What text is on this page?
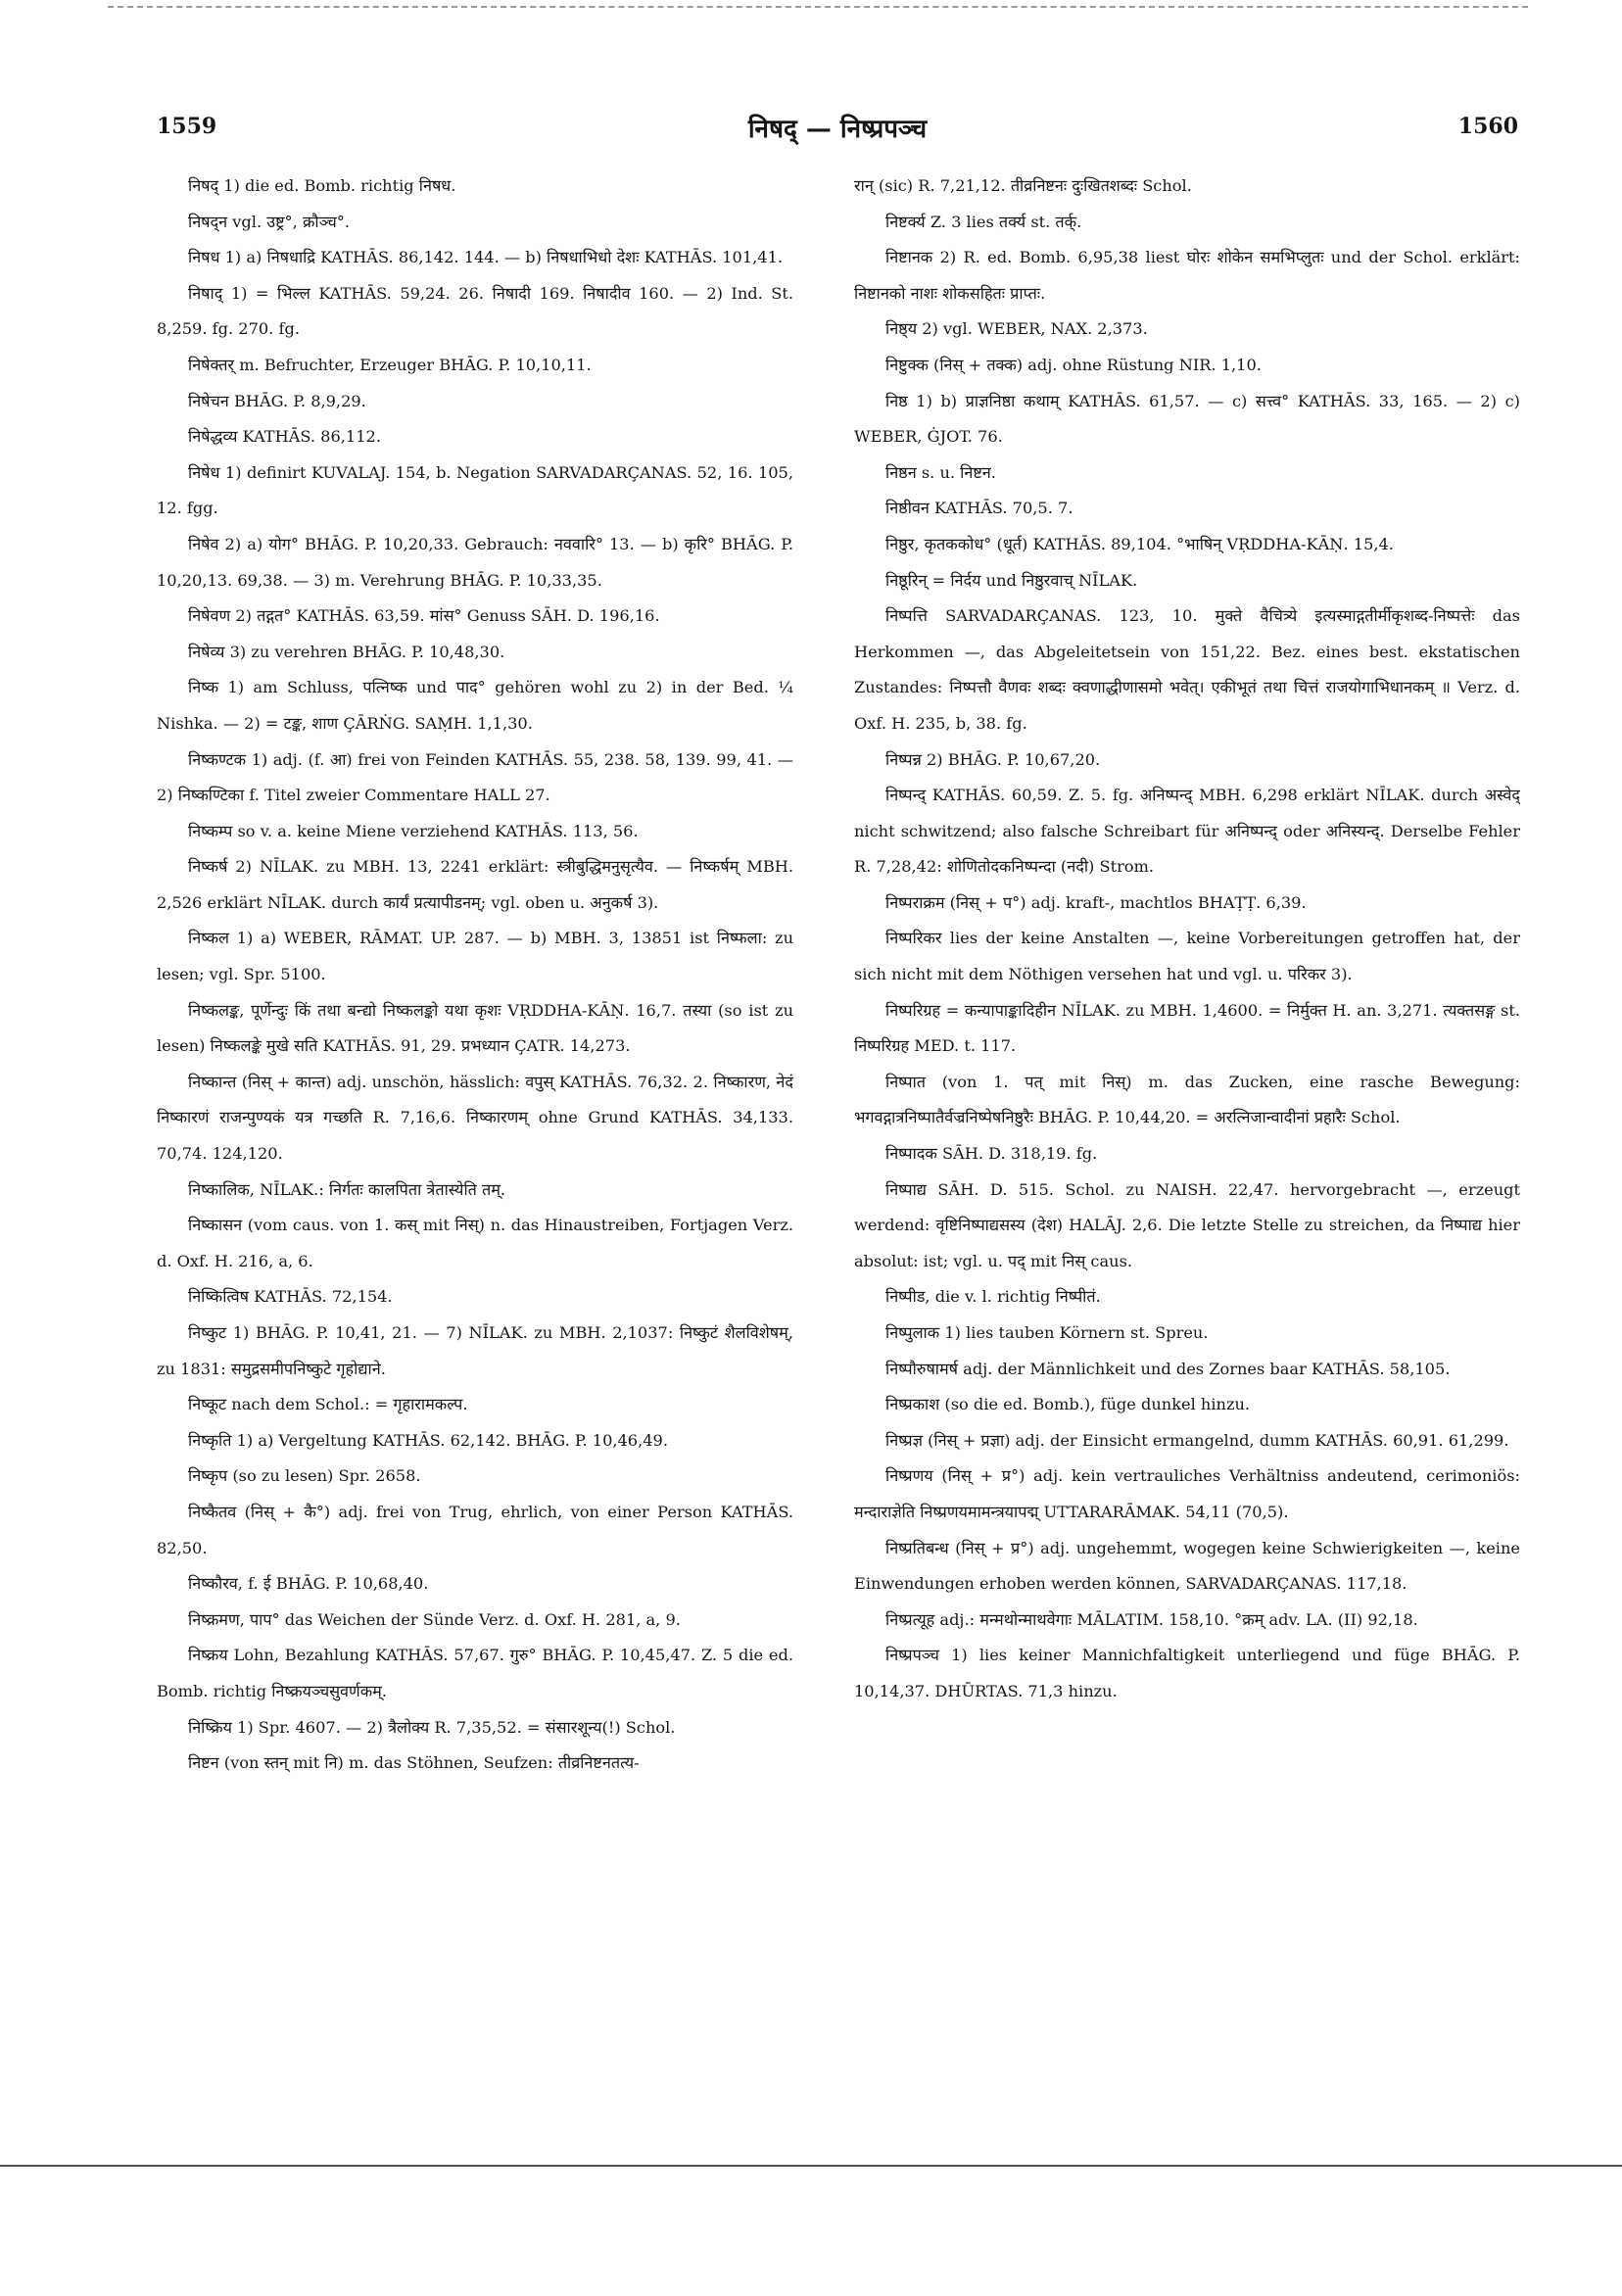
1559	निषद् — निष्प्रपञ्च	1560

निषद् 1) die ed. Bomb. richtig निषध.

निषद्न vgl. उष्ट्र°, क्रौञ्च°.

निषध 1) a) निषधाद्रि KATHĀS. 86,142. 144. — b) निषधाभिधो देशः KATHĀS. 101,41.

निषाद् 1) = भिल्ल KATHĀS. 59,24. 26. निषादी 169. निषादीव 160. — 2) Ind. St. 8,259. fg. 270. fg.

निषेक्तर् m. Befruchter, Erzeuger BHĀG. P. 10,10,11.

निषेचन BHĀG. P. 8,9,29.

निषेद्धव्य KATHĀS. 86,112.

निषेध 1) definirt KUVALAJ. 154, b. Negation SARVADARÇANAS. 52, 16. 105, 12. fgg.

निषेव 2) a) योग° BHĀG. P. 10,20,33. Gebrauch: नववारि° 13. — b) कृरि° BHĀG. P. 10,20,13. 69,38. — 3) m. Verehrung BHĀG. P. 10,33,35.

निषेवण 2) तद्गत° KATHĀS. 63,59. मांस° Genuss SĀH. D. 196,16.

निषेव्य 3) zu verehren BHĀG. P. 10,48,30.

निष्क 1) am Schluss, पत्निष्क und पाद° gehören wohl zu 2) in der Bed. ¼ Nishka. — 2) = टङ्क, शाण ÇĀRṄG. SAṂH. 1,1,30.

निष्कण्टक 1) adj. (f. आ) frei von Feinden KATHĀS. 55, 238. 58, 139. 99, 41. — 2) निष्कण्टिका f. Titel zweier Commentare HALL 27.

निष्कम्प so v. a. keine Miene verziehend KATHĀS. 113, 56.

निष्कर्ष 2) NĪLAK. zu MBH. 13, 2241 erklärt: स्त्रीबुद्धिमनुसृत्यैव. — निष्कर्षम् MBH. 2,526 erklärt NĪLAK. durch कार्यं प्रत्यापीडनम्; vgl. oben u. अनुकर्ष 3).

निष्कल 1) a) WEBER, RĀMAT. UP. 287. — b) MBH. 3, 13851 ist निष्फला: zu lesen; vgl. Spr. 5100.

निष्कलङ्क, पूर्णेन्दुः किं तथा बन्द्यो निष्कलङ्को यथा कृशः VṚDDHA-KĀṆ. 16,7. तस्या (so ist zu lesen) निष्कलङ्के मुखे सति KATHĀS. 91, 29. प्रभध्यान ÇATR. 14,273.

निष्कान्त (निस् + कान्त) adj. unschön, hässlich: वपुस् KATHĀS. 76,32. 2. निष्कारण, नेदं निष्कारणं राजन्पुण्यकं यत्र गच्छति R. 7,16,6. निष्कारणम् ohne Grund KATHĀS. 34,133. 70,74. 124,120.

निष्कालिक, NĪLAK.: निर्गतः कालपिता त्रेतास्येति तम्.

निष्कासन (vom caus. von 1. कस् mit निस्) n. das Hinaustreiben, Fortjagen Verz. d. Oxf. H. 216, a, 6.

निष्कित्विष KATHĀS. 72,154.

निष्कुट 1) BHĀG. P. 10,41, 21. — 7) NĪLAK. zu MBH. 2,1037: निष्कुटं शैलविशेषम्, zu 1831: समुद्रसमीपनिष्कुटे गृहोद्याने.

निष्कूट nach dem Schol.: = गृहारामकल्प.

निष्कृति 1) a) Vergeltung KATHĀS. 62,142. BHĀG. P. 10,46,49.

निष्कृप (so zu lesen) Spr. 2658.

निष्कैतव (निस् + कै°) adj. frei von Trug, ehrlich, von einer Person KATHĀS. 82,50.

निष्कौरव, f. ई BHĀG. P. 10,68,40.

निष्क्रमण, पाप° das Weichen der Sünde Verz. d. Oxf. H. 281, a, 9.

निष्क्रय Lohn, Bezahlung KATHĀS. 57,67. गुरु° BHĀG. P. 10,45,47. Z. 5 die ed. Bomb. richtig निष्क्रयञ्चसुवर्णकम्.

निष्क्रिय 1) Spr. 4607. — 2) त्रैलोक्य R. 7,35,52. = संसारशून्य(!) Schol.

निष्टन (von स्तन् mit नि) m. das Stöhnen, Seufzen: तीव्रनिष्टनतत्य-

रान् (sic) R. 7,21,12. तीव्रनिष्टनः दुःखितशब्दः Schol.

निष्टर्क्य Z. 3 lies तर्क्य st. तर्क्.

निष्टानक 2) R. ed. Bomb. 6,95,38 liest घोरः शोकेन समभिप्लुतः und der Schol. erklärt: निष्टानको नाशः शोकसहितः प्राप्तः.

निष्ठ्य 2) vgl. WEBER, NAX. 2,373.

निष्टुक्क (निस् + तक्क) adj. ohne Rüstung NIR. 1,10.

निष्ठ 1) b) प्राज्ञनिष्ठा कथाम् KATHĀS. 61,57. — c) सत्त्व° KATHĀS. 33, 165. — 2) c) WEBER, ĠJOT. 76.

निष्ठन s. u. निष्टन.

निष्ठीवन KATHĀS. 70,5. 7.

निष्ठुर, कृतककोध° (धूर्त) KATHĀS. 89,104. °भाषिन् VṚDDHA-KĀṆ. 15,4.

निष्ठूरिन् = निर्दय und निष्ठुरवाच् NĪLAK.

निष्पत्ति SARVADARÇANAS. 123, 10. मुक्ते वैचित्र्ये इत्यस्माद्गतीर्मीकृशब्द-निष्पत्तेः das Herkommen —, das Abgeleitetsein von 151,22. Bez. eines best. ekstatischen Zustandes: निष्पत्तौ वैणवः शब्दः क्वणाद्धीणासमो भवेत्। एकीभूतं तथा चित्तं राजयोगाभिधानकम् ॥ Verz. d. Oxf. H. 235, b, 38. fg.

निष्पन्न 2) BHĀG. P. 10,67,20.

निष्पन्द् KATHĀS. 60,59. Z. 5. fg. अनिष्पन्द् MBH. 6,298 erklärt NĪLAK. durch अस्वेद् nicht schwitzend; also falsche Schreibart für अनिष्पन्द् oder अनिस्यन्द्. Derselbe Fehler R. 7,28,42: शोणितोदकनिष्पन्दा (नदी) Strom.

निष्पराक्रम (निस् + प°) adj. kraft-, machtlos BHAṬṬ. 6,39.

निष्परिकर lies der keine Anstalten —, keine Vorbereitungen getroffen hat, der sich nicht mit dem Nöthigen versehen hat und vgl. u. परिकर 3).

निष्परिग्रह = कन्यापाङ्कादिहीन NĪLAK. zu MBH. 1,4600. = निर्मुक्त H. an. 3,271. त्यक्तसङ्ग st. निष्परिग्रह MED. t. 117.

निष्पात (von 1. पत् mit निस्) m. das Zucken, eine rasche Bewegung: भगवद्गात्रनिष्पातैर्वज्रनिष्पेषनिष्ठुरैः BHĀG. P. 10,44,20. = अरत्निजान्वादीनां प्रहारैः Schol.

निष्पादक SĀH. D. 318,19. fg.

निष्पाद्य SĀH. D. 515. Schol. zu NAISH. 22,47. hervorgebracht —, erzeugt werdend: वृष्टिनिष्पाद्यसस्य (देश) HALĀJ. 2,6. Die letzte Stelle zu streichen, da निष्पाद्य hier absolut: ist; vgl. u. पद् mit निस् caus.

निष्पीड, die v. l. richtig निष्पीतं.

निष्पुलाक 1) lies tauben Körnern st. Spreu.

निष्पौरुषामर्ष adj. der Männlichkeit und des Zornes baar KATHĀS. 58,105.

निष्प्रकाश (so die ed. Bomb.), füge dunkel hinzu.

निष्प्रज्ञ (निस् + प्रज्ञा) adj. der Einsicht ermangelnd, dumm KATHĀS. 60,91. 61,299.

निष्प्रणय (निस् + प्र°) adj. kein vertrauliches Verhältniss andeutend, cerimoniös: मन्दाराज्ञेति निष्प्रणयमामन्त्रयापद्म् UTTARARĀMAK. 54,11 (70,5).

निष्प्रतिबन्ध (निस् + प्र°) adj. ungehemmt, wogegen keine Schwierigkeiten —, keine Einwendungen erhoben werden können, SARVADARÇANAS. 117,18.

निष्प्रत्यूह adj.: मन्मथोन्माथवेगाः MĀLATIM. 158,10. °क्रम् adv. LA. (II) 92,18.

निष्प्रपञ्च 1) lies keiner Mannichfaltigkeit unterliegend und füge BHĀG. P. 10,14,37. DHŪRTAS. 71,3 hinzu.
